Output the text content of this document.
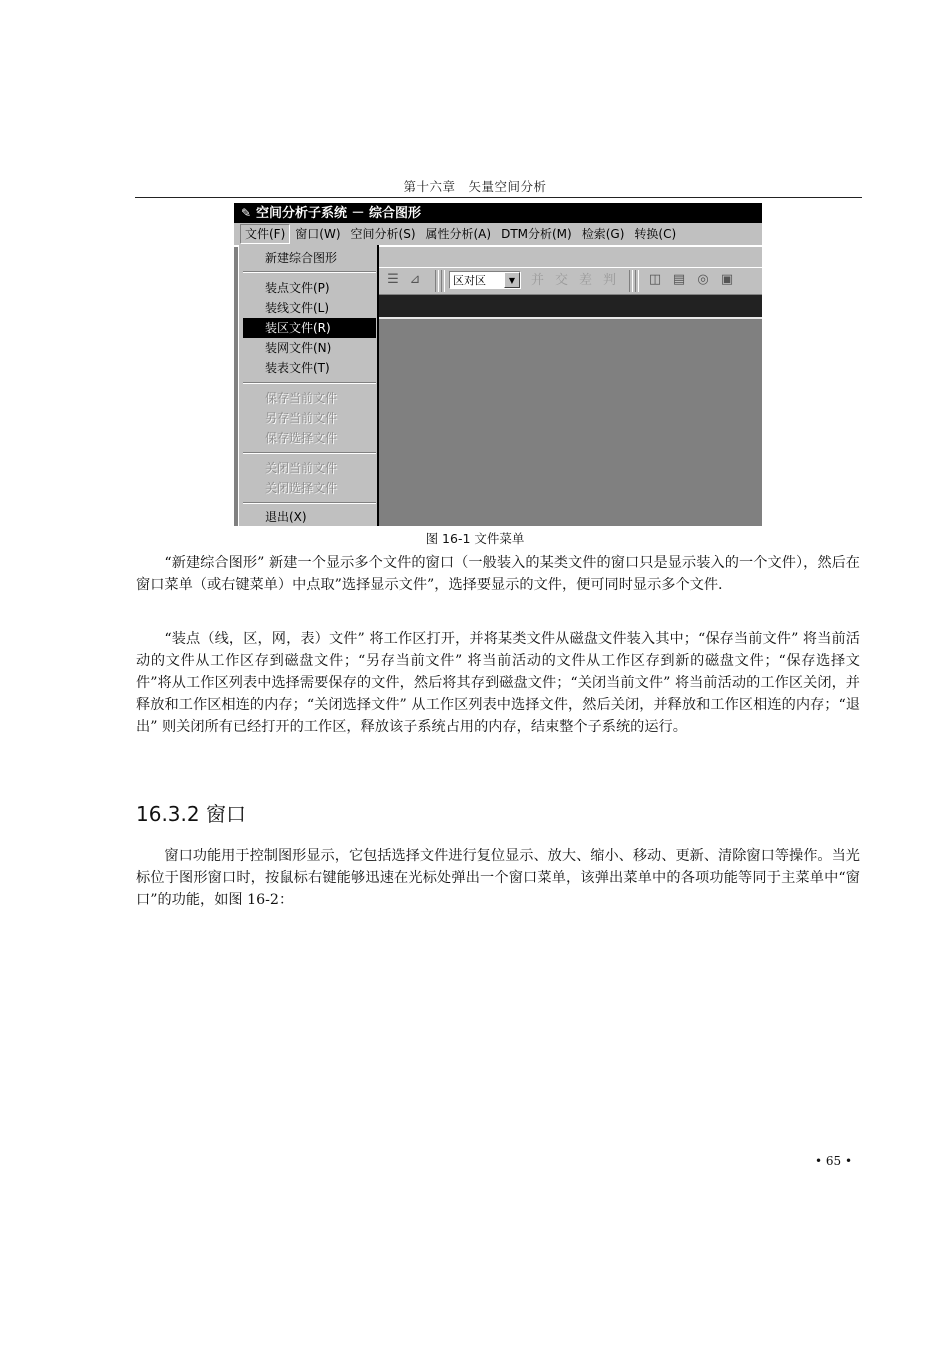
第十六章　矢量空间分析
✎ 空间分析子系统 － 综合图形
文件(F) 窗口(W) 空间分析(S) 属性分析(A) DTM分析(M) 检索(G) 转换(C)
☰ ⊿	区对区	▼	并 交 差 判	◫ ▤ ◎ ▣
新建综合图形
装点文件(P)
装线文件(L)
装区文件(R)
装网文件(N)
装表文件(T)
保存当前文件
另存当前文件
保存选择文件
关闭当前文件
关闭选择文件
退出(X)
图 16-1 文件菜单

“新建综合图形” 新建一个显示多个文件的窗口（一般装入的某类文件的窗口只是显示装入的一个文件），然后在窗口菜单（或右键菜单）中点取”选择显示文件”，选择要显示的文件，便可同时显示多个文件.

“装点（线，区，网，表）文件” 将工作区打开，并将某类文件从磁盘文件装入其中；“保存当前文件” 将当前活动的文件从工作区存到磁盘文件；“另存当前文件” 将当前活动的文件从工作区存到新的磁盘文件；“保存选择文件”将从工作区列表中选择需要保存的文件，然后将其存到磁盘文件；“关闭当前文件” 将当前活动的工作区关闭，并释放和工作区相连的内存；“关闭选择文件” 从工作区列表中选择文件，然后关闭，并释放和工作区相连的内存；“退出” 则关闭所有已经打开的工作区，释放该子系统占用的内存，结束整个子系统的运行。

16.3.2 窗口

窗口功能用于控制图形显示，它包括选择文件进行复位显示、放大、缩小、移动、更新、清除窗口等操作。当光标位于图形窗口时，按鼠标右键能够迅速在光标处弹出一个窗口菜单，该弹出菜单中的各项功能等同于主菜单中“窗口”的功能，如图 16-2：

• 65 •
